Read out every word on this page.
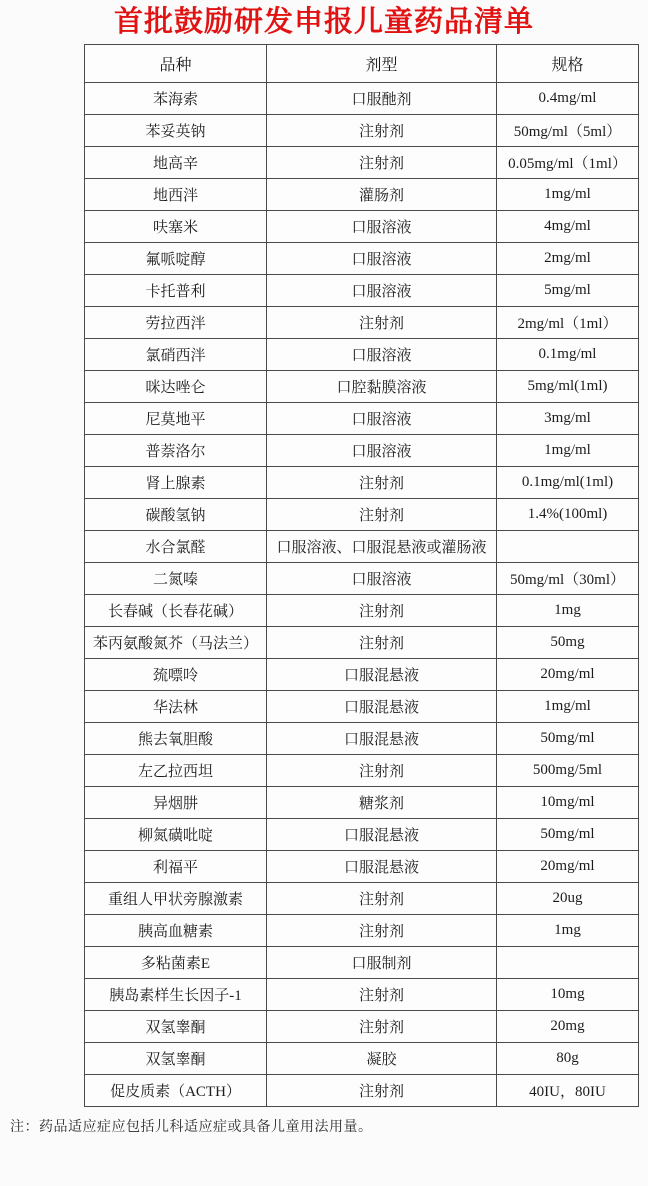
首批鼓励研发申报儿童药品清单
品种	剂型	规格
苯海索	口服酏剂	0.4mg/ml
苯妥英钠	注射剂	50mg/ml（5ml）
地高辛	注射剂	0.05mg/ml（1ml）
地西泮	灌肠剂	1mg/ml
呋塞米	口服溶液	4mg/ml
氟哌啶醇	口服溶液	2mg/ml
卡托普利	口服溶液	5mg/ml
劳拉西泮	注射剂	2mg/ml（1ml）
氯硝西泮	口服溶液	0.1mg/ml
咪达唑仑	口腔黏膜溶液	5mg/ml(1ml)
尼莫地平	口服溶液	3mg/ml
普萘洛尔	口服溶液	1mg/ml
肾上腺素	注射剂	0.1mg/ml(1ml)
碳酸氢钠	注射剂	1.4%(100ml)
水合氯醛	口服溶液、口服混悬液或灌肠液	
二氮嗪	口服溶液	50mg/ml（30ml）
长春碱（长春花碱）	注射剂	1mg
苯丙氨酸氮芥（马法兰）	注射剂	50mg
巯嘌呤	口服混悬液	20mg/ml
华法林	口服混悬液	1mg/ml
熊去氧胆酸	口服混悬液	50mg/ml
左乙拉西坦	注射剂	500mg/5ml
异烟肼	糖浆剂	10mg/ml
柳氮磺吡啶	口服混悬液	50mg/ml
利福平	口服混悬液	20mg/ml
重组人甲状旁腺激素	注射剂	20ug
胰高血糖素	注射剂	1mg
多粘菌素E	口服制剂	
胰岛素样生长因子-1	注射剂	10mg
双氢睾酮	注射剂	20mg
双氢睾酮	凝胶	80g
促皮质素（ACTH）	注射剂	40IU，80IU
注：药品适应症应包括儿科适应症或具备儿童用法用量。
